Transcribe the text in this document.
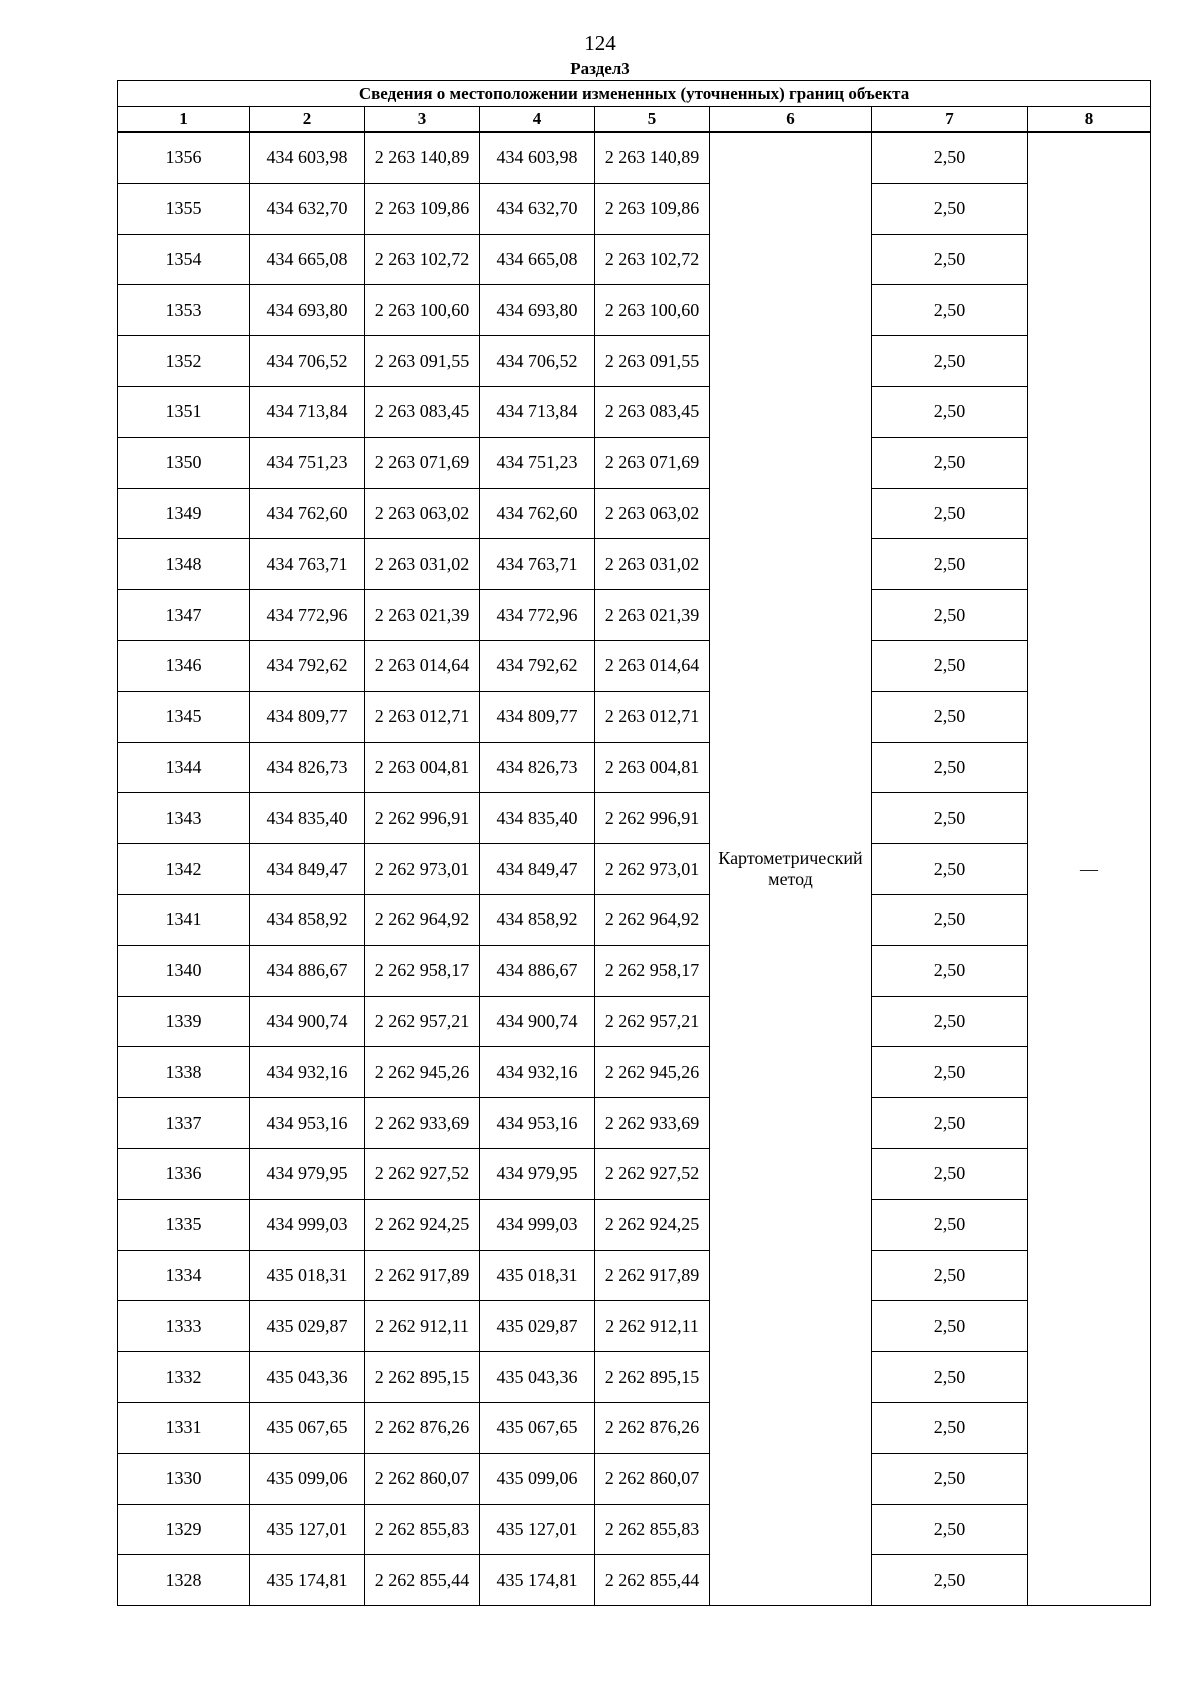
124
Раздел3
Сведения о местоположении измененных (уточненных) границ объекта							
1	2	3	4	5	6	7	8
1356	434 603,98	2 263 140,89	434 603,98	2 263 140,89	Картометрический метод	2,50	—
1355	434 632,70	2 263 109,86	434 632,70	2 263 109,86		2,50	
1354	434 665,08	2 263 102,72	434 665,08	2 263 102,72		2,50	
1353	434 693,80	2 263 100,60	434 693,80	2 263 100,60		2,50	
1352	434 706,52	2 263 091,55	434 706,52	2 263 091,55		2,50	
1351	434 713,84	2 263 083,45	434 713,84	2 263 083,45		2,50	
1350	434 751,23	2 263 071,69	434 751,23	2 263 071,69		2,50	
1349	434 762,60	2 263 063,02	434 762,60	2 263 063,02		2,50	
1348	434 763,71	2 263 031,02	434 763,71	2 263 031,02		2,50	
1347	434 772,96	2 263 021,39	434 772,96	2 263 021,39		2,50	
1346	434 792,62	2 263 014,64	434 792,62	2 263 014,64		2,50	
1345	434 809,77	2 263 012,71	434 809,77	2 263 012,71		2,50	
1344	434 826,73	2 263 004,81	434 826,73	2 263 004,81		2,50	
1343	434 835,40	2 262 996,91	434 835,40	2 262 996,91		2,50	
1342	434 849,47	2 262 973,01	434 849,47	2 262 973,01		2,50	
1341	434 858,92	2 262 964,92	434 858,92	2 262 964,92		2,50	
1340	434 886,67	2 262 958,17	434 886,67	2 262 958,17		2,50	
1339	434 900,74	2 262 957,21	434 900,74	2 262 957,21		2,50	
1338	434 932,16	2 262 945,26	434 932,16	2 262 945,26		2,50	
1337	434 953,16	2 262 933,69	434 953,16	2 262 933,69		2,50	
1336	434 979,95	2 262 927,52	434 979,95	2 262 927,52		2,50	
1335	434 999,03	2 262 924,25	434 999,03	2 262 924,25		2,50	
1334	435 018,31	2 262 917,89	435 018,31	2 262 917,89		2,50	
1333	435 029,87	2 262 912,11	435 029,87	2 262 912,11		2,50	
1332	435 043,36	2 262 895,15	435 043,36	2 262 895,15		2,50	
1331	435 067,65	2 262 876,26	435 067,65	2 262 876,26		2,50	
1330	435 099,06	2 262 860,07	435 099,06	2 262 860,07		2,50	
1329	435 127,01	2 262 855,83	435 127,01	2 262 855,83		2,50	
1328	435 174,81	2 262 855,44	435 174,81	2 262 855,44		2,50	
